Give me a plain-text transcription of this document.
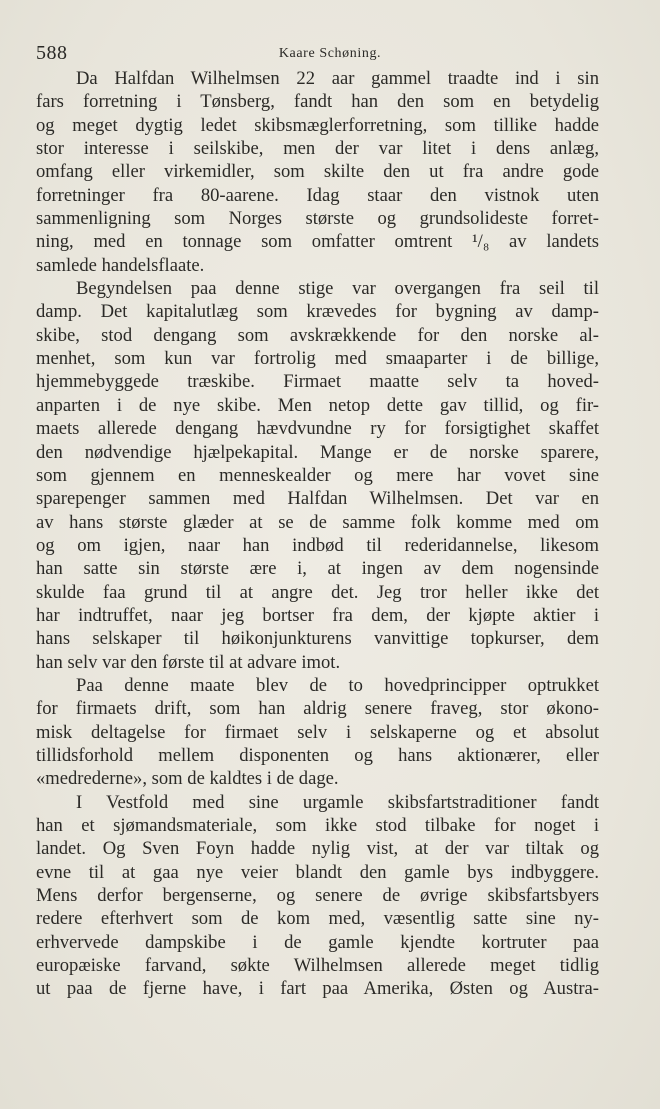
588	Kaare Schøning.
Da Halfdan Wilhelmsen 22 aar gammel traadte ind i sin
fars forretning i Tønsberg, fandt han den som en betydelig
og meget dygtig ledet skibsmæglerforretning, som tillike hadde
stor interesse i seilskibe, men der var litet i dens anlæg,
omfang eller virkemidler, som skilte den ut fra andre gode
forretninger fra 80-aarene. Idag staar den vistnok uten
sammenligning som Norges største og grundsolideste forret-
ning, med en tonnage som omfatter omtrent ¹/₈ av landets
samlede handelsflaate.
Begyndelsen paa denne stige var overgangen fra seil til
damp. Det kapitalutlæg som krævedes for bygning av damp-
skibe, stod dengang som avskrækkende for den norske al-
menhet, som kun var fortrolig med smaaparter i de billige,
hjemmebyggede træskibe. Firmaet maatte selv ta hoved-
anparten i de nye skibe. Men netop dette gav tillid, og fir-
maets allerede dengang hævdvundne ry for forsigtighet skaffet
den nødvendige hjælpekapital. Mange er de norske sparere,
som gjennem en menneskealder og mere har vovet sine
sparepenger sammen med Halfdan Wilhelmsen. Det var en
av hans største glæder at se de samme folk komme med om
og om igjen, naar han indbød til rederidannelse, likesom
han satte sin største ære i, at ingen av dem nogensinde
skulde faa grund til at angre det. Jeg tror heller ikke det
har indtruffet, naar jeg bortser fra dem, der kjøpte aktier i
hans selskaper til høikonjunkturens vanvittige topkurser, dem
han selv var den første til at advare imot.
Paa denne maate blev de to hovedprincipper optrukket
for firmaets drift, som han aldrig senere fraveg, stor økono-
misk deltagelse for firmaet selv i selskaperne og et absolut
tillidsforhold mellem disponenten og hans aktionærer, eller
«medrederne», som de kaldtes i de dage.
I Vestfold med sine urgamle skibsfartstraditioner fandt
han et sjømandsmateriale, som ikke stod tilbake for noget i
landet. Og Sven Foyn hadde nylig vist, at der var tiltak og
evne til at gaa nye veier blandt den gamle bys indbyggere.
Mens derfor bergenserne, og senere de øvrige skibsfartsbyers
redere efterhvert som de kom med, væsentlig satte sine ny-
erhvervede dampskibe i de gamle kjendte kortruter paa
europæiske farvand, søkte Wilhelmsen allerede meget tidlig
ut paa de fjerne have, i fart paa Amerika, Østen og Austra-
